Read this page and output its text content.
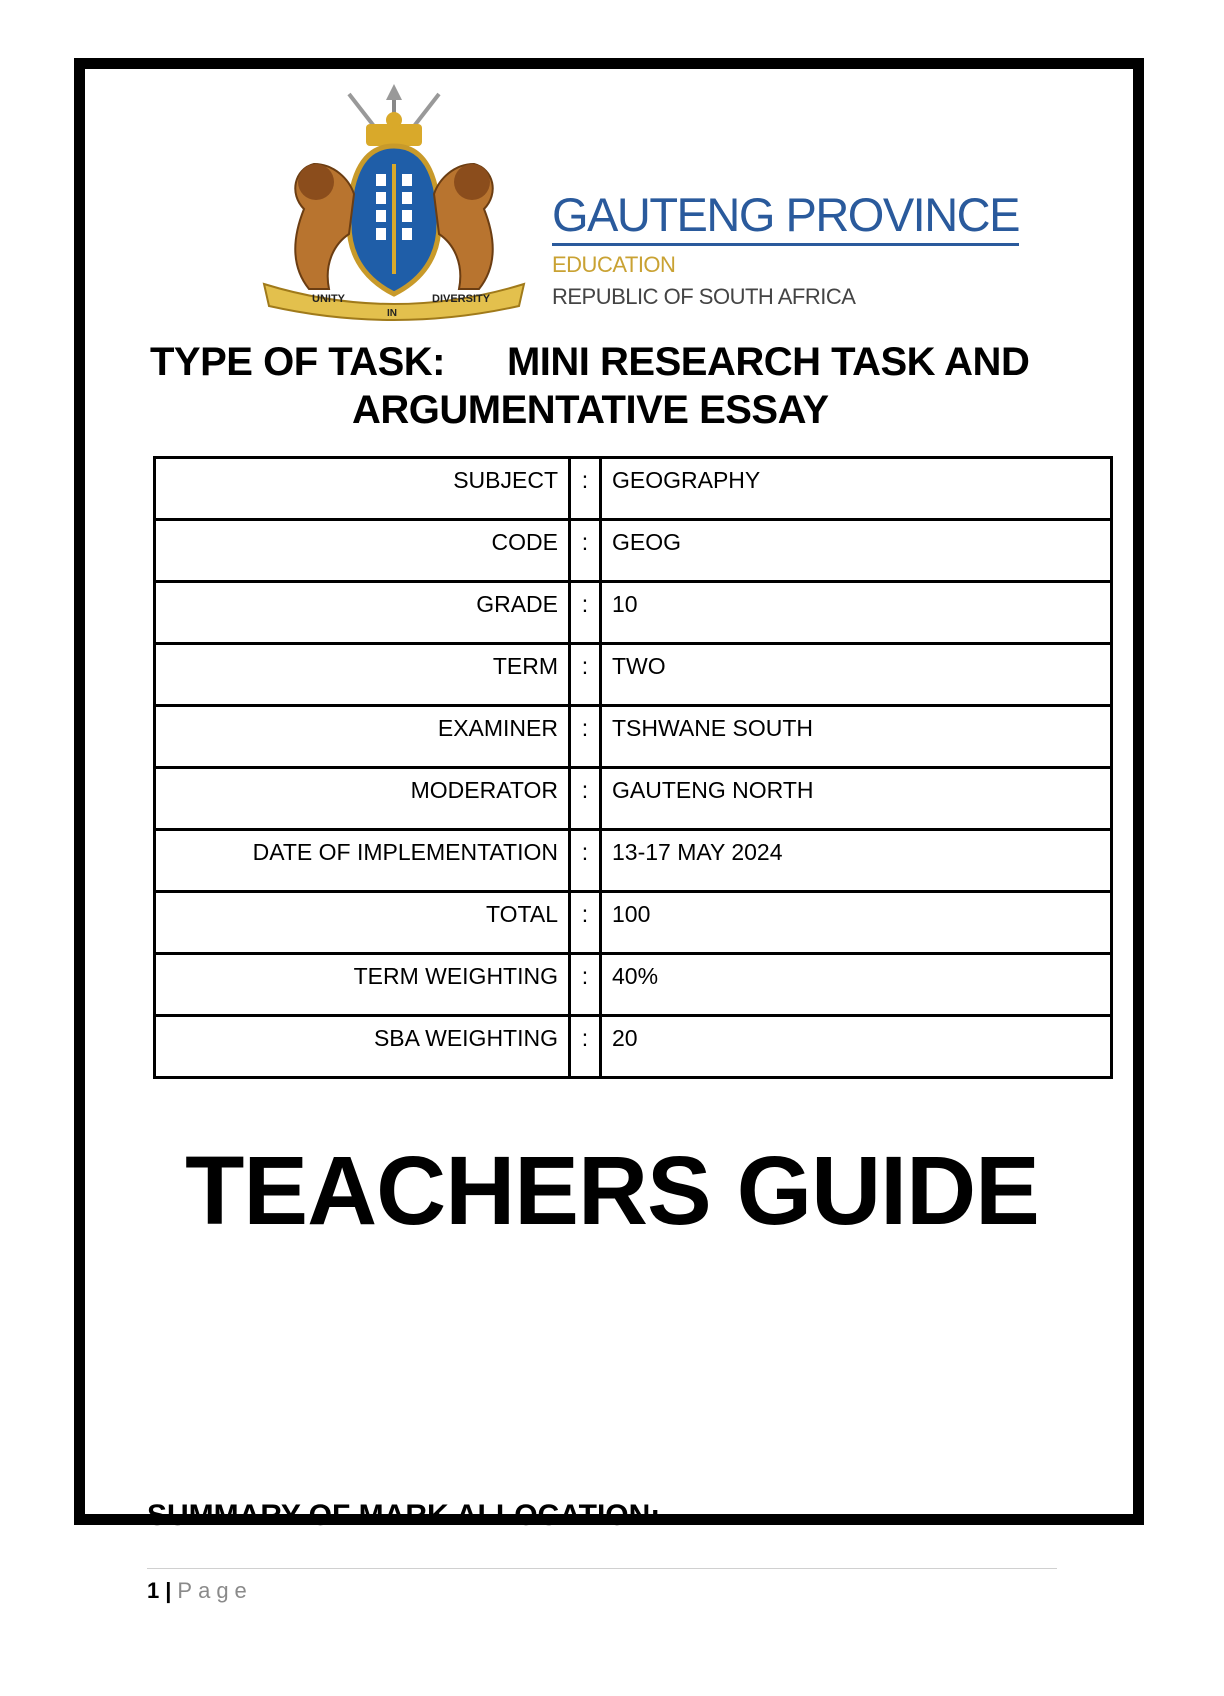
UNITY
IN
DIVERSITY
GAUTENG PROVINCE
EDUCATION
REPUBLIC OF SOUTH AFRICA
TYPE OF TASK: MINI RESEARCH TASK AND
ARGUMENTATIVE ESSAY
SUBJECT	:	GEOGRAPHY
CODE	:	GEOG
GRADE	:	10
TERM	:	TWO
EXAMINER	:	TSHWANE SOUTH
MODERATOR	:	GAUTENG NORTH
DATE OF IMPLEMENTATION	:	13-17 MAY 2024
TOTAL	:	100
TERM WEIGHTING	:	40%
SBA WEIGHTING	:	20
TEACHERS GUIDE
SUMMARY OF MARK ALLOCATION:
1 | Page
